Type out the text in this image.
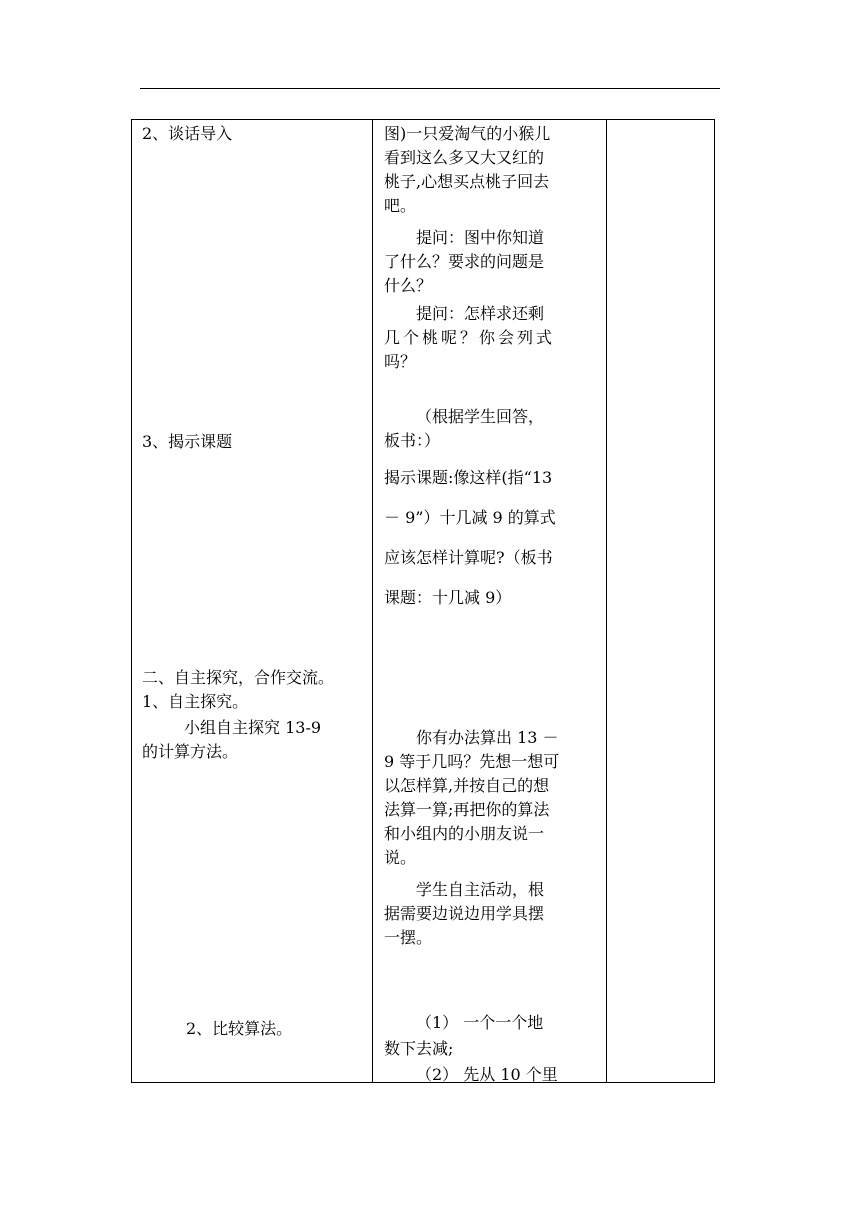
2、谈话导入
3、揭示课题
二、自主探究，合作交流。
1、自主探究。
小组自主探究 13-9
的计算方法。
2、比较算法。
图)一只爱淘气的小猴儿
看到这么多又大又红的
桃子,心想买点桃子回去
吧。
提问：图中你知道
了什么？要求的问题是
什么？
提问：怎样求还剩
几个桃呢？你会列式
吗？
（根据学生回答，
板书：）
揭示课题:像这样(指“13
－ 9”）十几减 9 的算式
应该怎样计算呢?（板书
课题：十几减 9）
你有办法算出 13 －
9 等于几吗？先想一想可
以怎样算,并按自己的想
法算一算;再把你的算法
和小组内的小朋友说一
说。
学生自主活动，根
据需要边说边用学具摆
一摆。
（1） 一个一个地
数下去减;
（2） 先从 10 个里
